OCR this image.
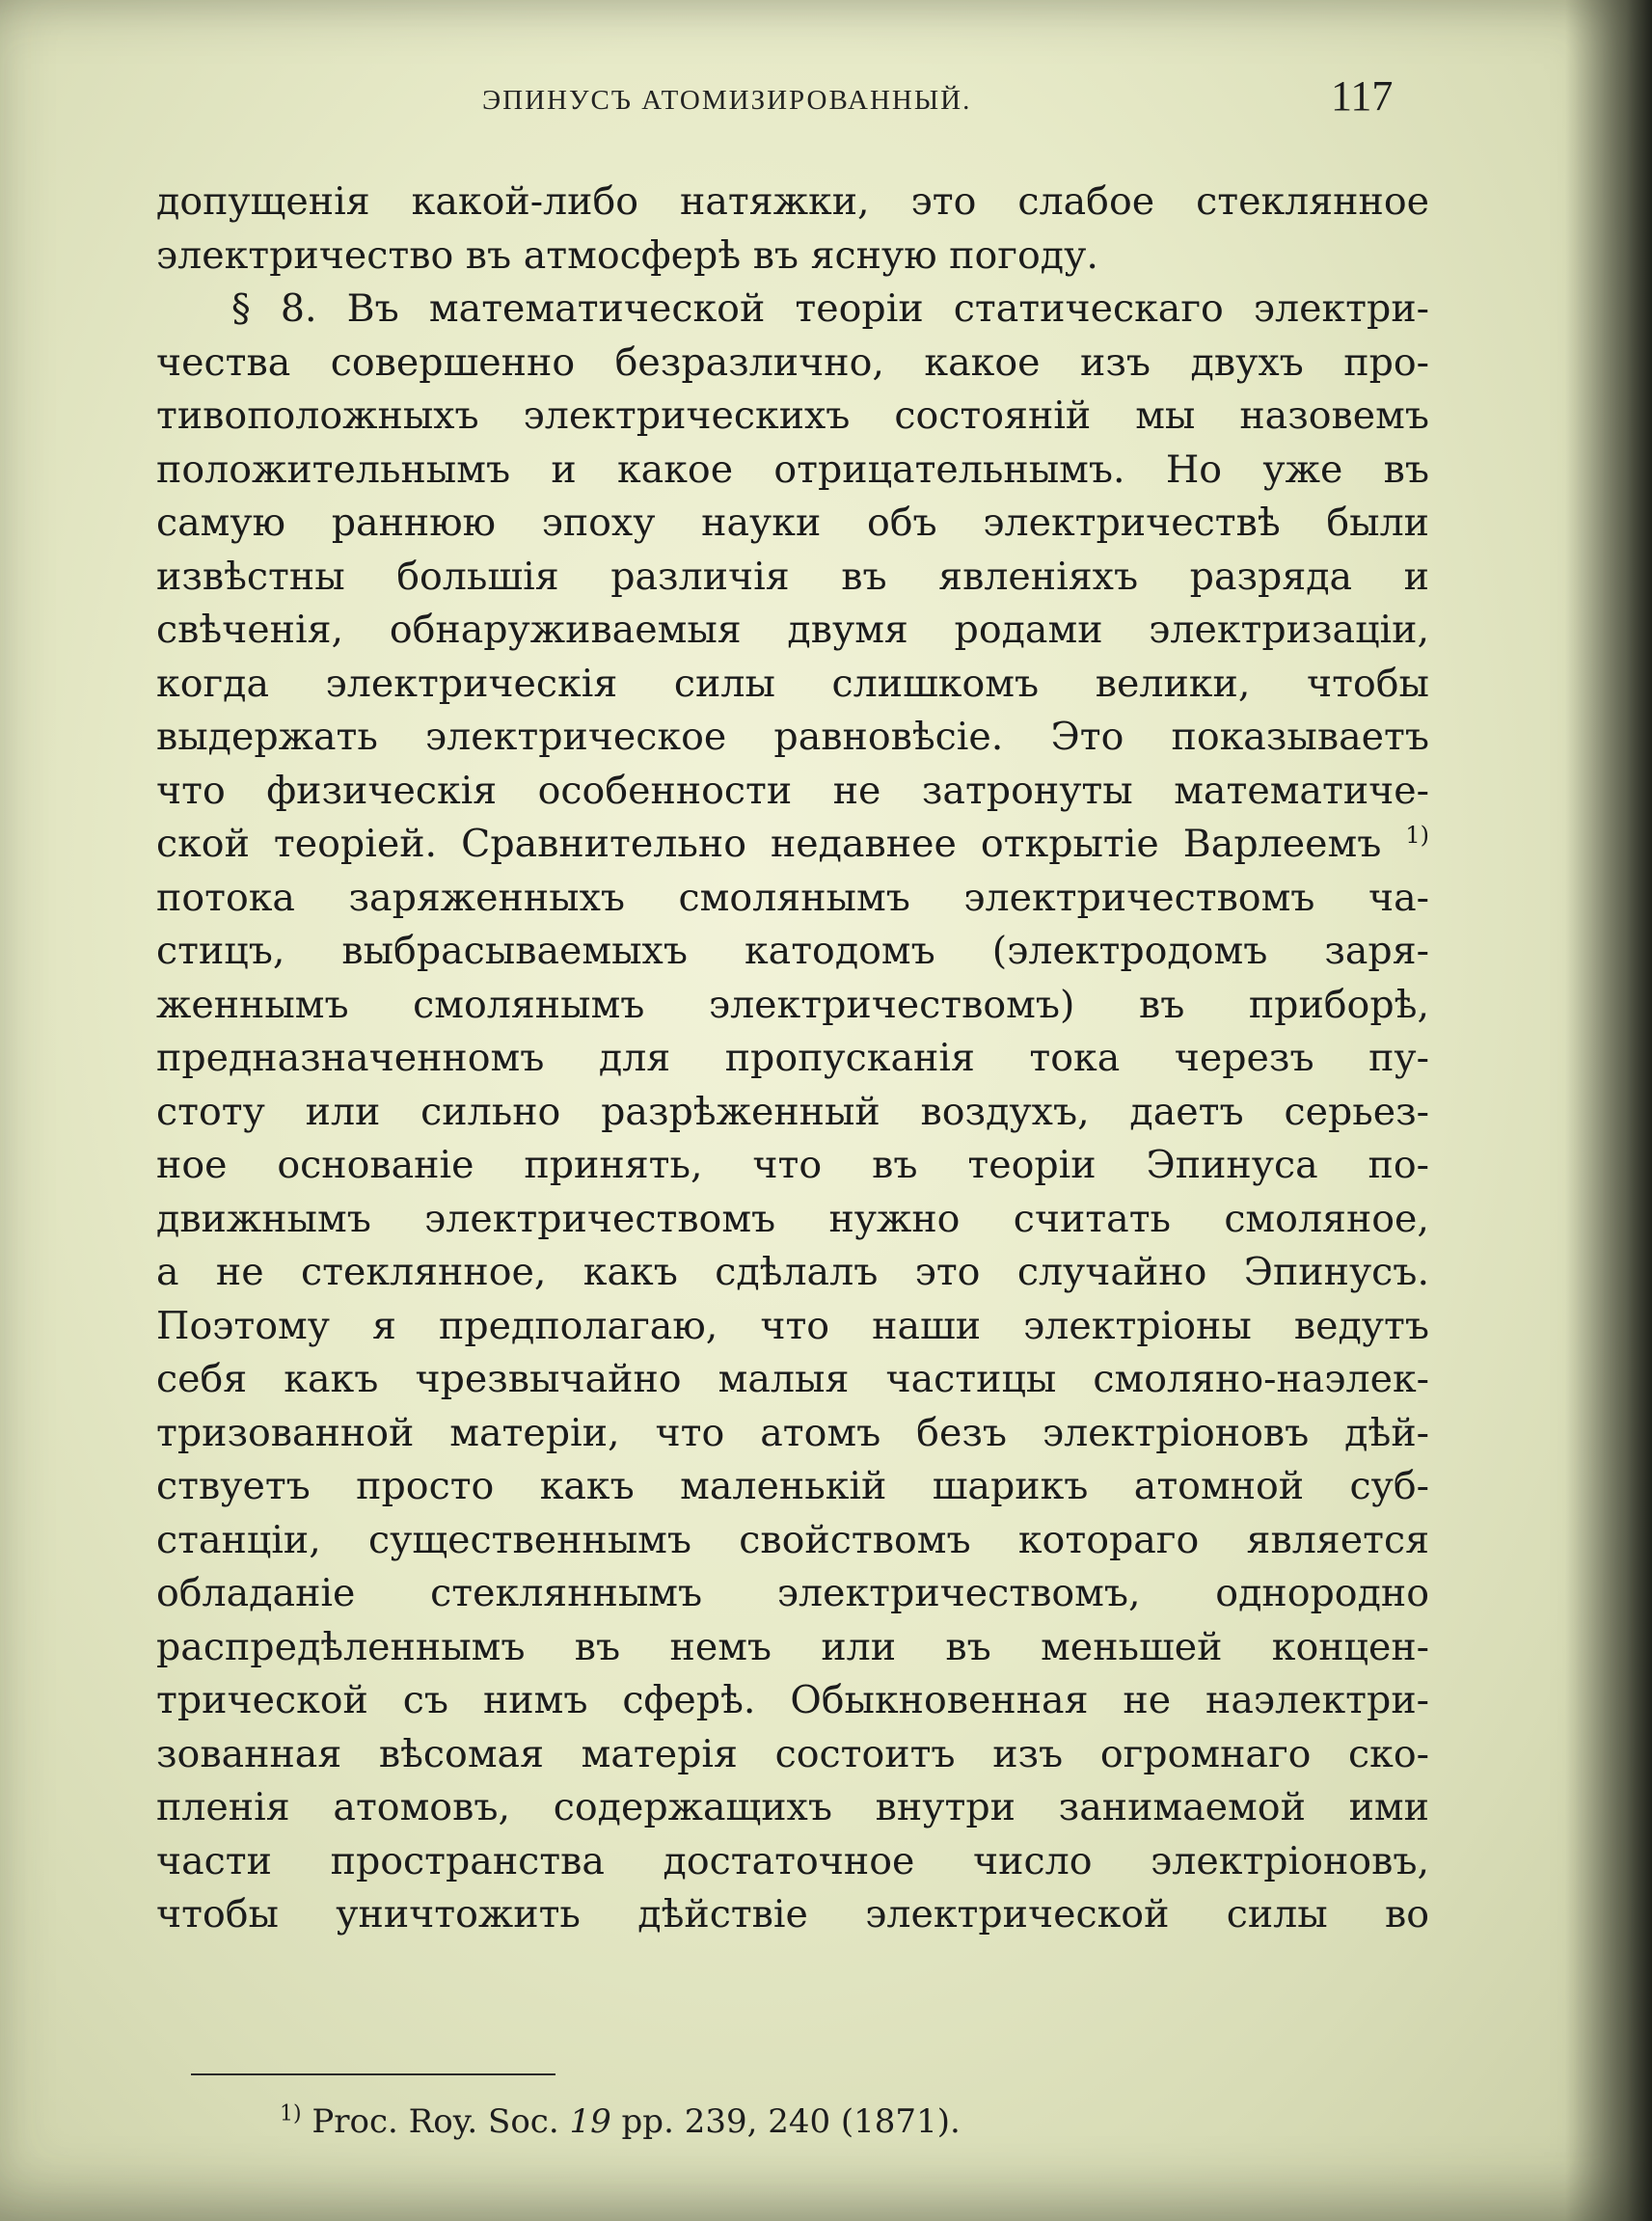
ЭПИНУСЪ АТОМИЗИРОВАННЫЙ.	117
допущенія какой-либо натяжки, это слабое стеклянное
электричество въ атмосферѣ въ ясную погоду.
§ 8. Въ математической теоріи статическаго электри-
чества совершенно безразлично, какое изъ двухъ про-
тивоположныхъ электрическихъ состояній мы назовемъ
положительнымъ и какое отрицательнымъ. Но уже въ
самую раннюю эпоху науки объ электричествѣ были
извѣстны большія различія въ явленіяхъ разряда и
свѣченія, обнаруживаемыя двумя родами электризаціи,
когда электрическія силы слишкомъ велики, чтобы
выдержать электрическое равновѣсіе. Это показываетъ
что физическія особенности не затронуты математиче-
ской теоріей. Сравнительно недавнее открытіе Варлеемъ $^{1)}$
потока заряженныхъ смолянымъ электричествомъ ча-
стицъ, выбрасываемыхъ катодомъ (электродомъ заря-
женнымъ смолянымъ электричествомъ) въ приборѣ,
предназначенномъ для пропусканія тока черезъ пу-
стоту или сильно разрѣженный воздухъ, даетъ серьез-
ное основаніе принять, что въ теоріи Эпинуса по-
движнымъ электричествомъ нужно считать смоляное,
а не стеклянное, какъ сдѣлалъ это случайно Эпинусъ.
Поэтому я предполагаю, что наши электріоны ведутъ
себя какъ чрезвычайно малыя частицы смоляно-наэлек-
тризованной матеріи, что атомъ безъ электріоновъ дѣй-
ствуетъ просто какъ маленькій шарикъ атомной суб-
станціи, существеннымъ свойствомъ котораго является
обладаніе стекляннымъ электричествомъ, однородно
распредѣленнымъ въ немъ или въ меньшей концен-
трической съ нимъ сферѣ. Обыкновенная не наэлектри-
зованная вѣсомая матерія состоитъ изъ огромнаго ско-
пленія атомовъ, содержащихъ внутри занимаемой ими
части пространства достаточное число электріоновъ,
чтобы уничтожить дѣйствіе электрической силы во
$^{1)}$ Proc. Roy. Soc. 19 pp. 239, 240 (1871).
